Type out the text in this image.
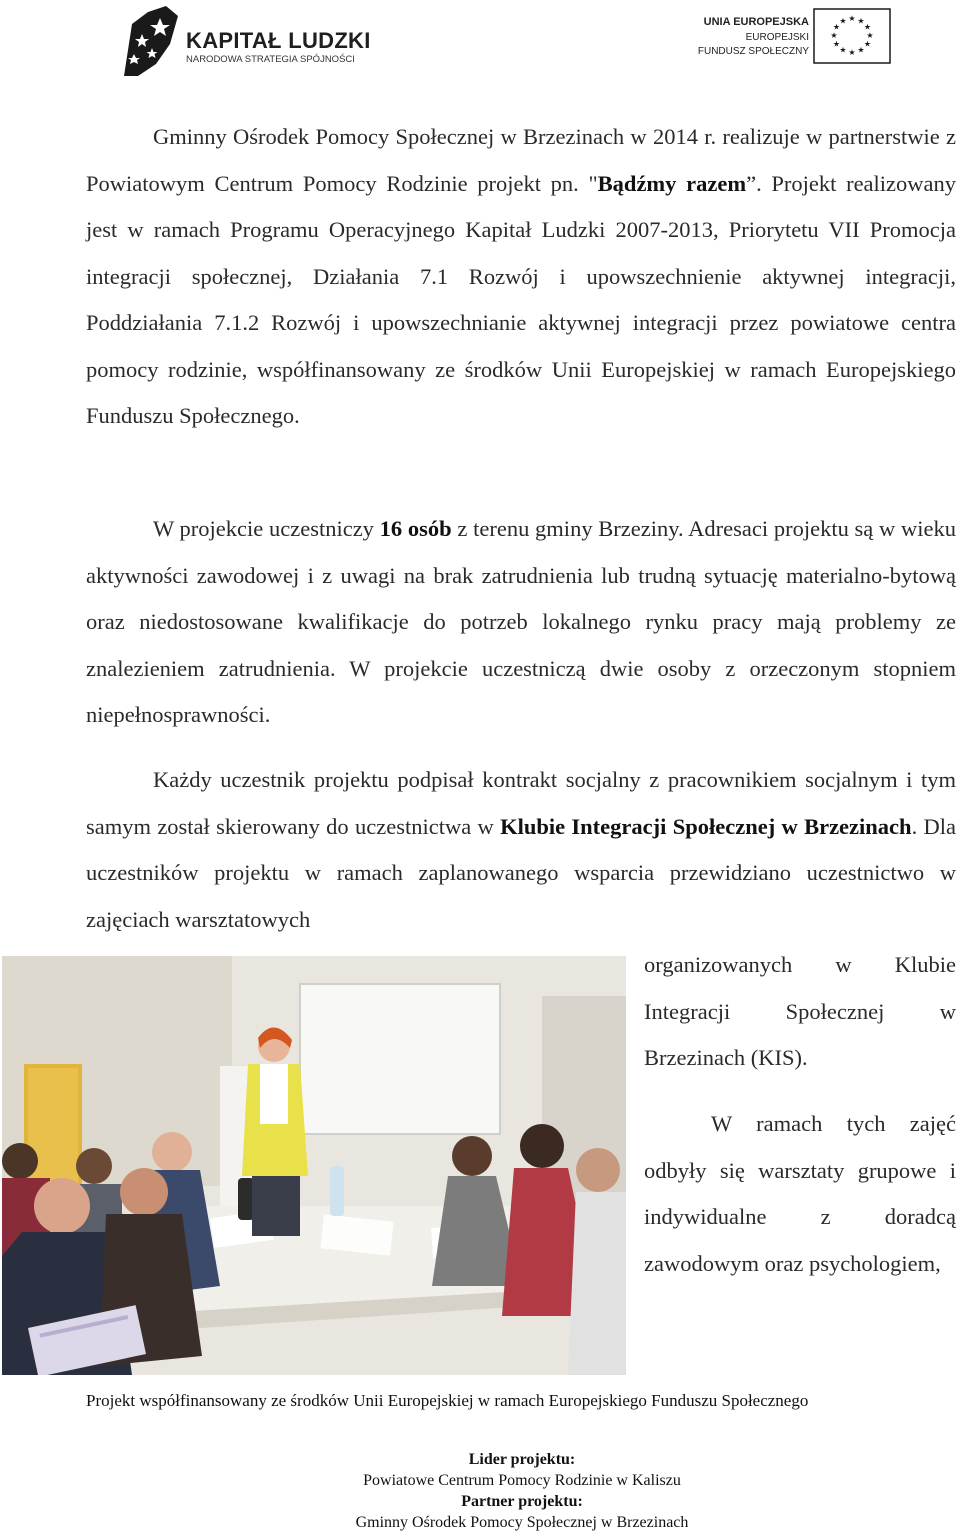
KAPITAŁ LUDZKI
NARODOWA STRATEGIA SPÓJNOŚCI
UNIA EUROPEJSKA
EUROPEJSKI
FUNDUSZ SPOŁECZNY
★ ★
★
★
★
★
★
★
★
★
★
★
Gminny Ośrodek Pomocy Społecznej w Brzezinach w 2014 r. realizuje w partnerstwie z Powiatowym Centrum Pomocy Rodzinie projekt pn. "Bądźmy razem”. Projekt realizowany jest w ramach Programu Operacyjnego Kapitał Ludzki 2007-2013, Priorytetu VII Promocja integracji społecznej, Działania 7.1 Rozwój i upowszechnienie aktywnej integracji, Poddziałania 7.1.2 Rozwój i upowszechnianie aktywnej integracji przez powiatowe centra pomocy rodzinie, współfinansowany ze środków Unii Europejskiej w ramach Europejskiego Funduszu Społecznego.
W projekcie uczestniczy 16 osób z terenu gminy Brzeziny. Adresaci projektu są w wieku aktywności zawodowej i z uwagi na brak zatrudnienia lub trudną sytuację materialno-bytową oraz niedostosowane kwalifikacje do potrzeb lokalnego rynku pracy mają problemy ze znalezieniem zatrudnienia. W projekcie uczestniczą dwie osoby z orzeczonym stopniem niepełnosprawności.
Każdy uczestnik projektu podpisał kontrakt socjalny z pracownikiem socjalnym i tym samym został skierowany do uczestnictwa w Klubie Integracji Społecznej w Brzezinach. Dla uczestników projektu w ramach zaplanowanego wsparcia przewidziano uczestnictwo w zajęciach warsztatowych
organizowanych w Klubie Integracji Społecznej w Brzezinach (KIS).
W ramach tych zajęć odbyły się warsztaty grupowe i indywidualne z doradcą zawodowym oraz psychologiem,
Projekt współfinansowany ze środków Unii Europejskiej w ramach Europejskiego Funduszu Społecznego
Lider projektu:
Powiatowe Centrum Pomocy Rodzinie w Kaliszu
Partner projektu:
Gminny Ośrodek Pomocy Społecznej w Brzezinach
